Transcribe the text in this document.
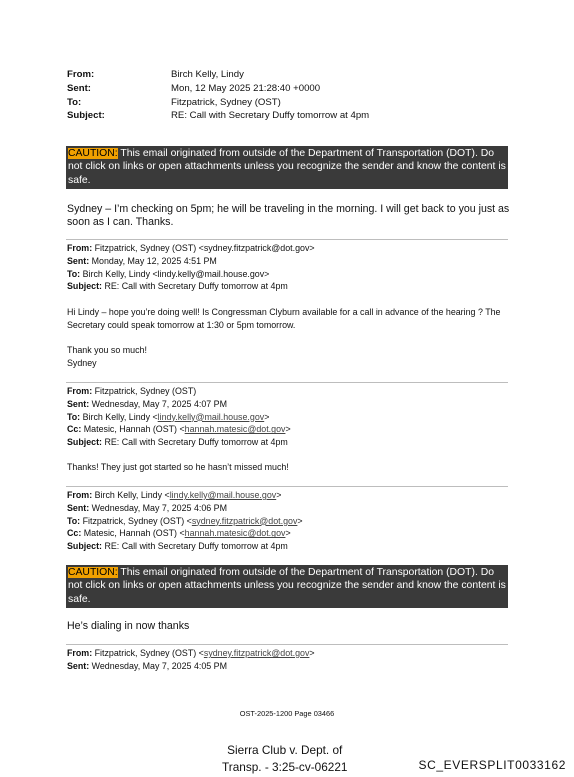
From:	Birch Kelly, Lindy
Sent:	Mon, 12 May 2025 21:28:40 +0000
To:	Fitzpatrick, Sydney (OST)
Subject:	RE: Call with Secretary Duffy tomorrow at 4pm
CAUTION: This email originated from outside of the Department of Transportation (DOT). Do not click on links or open attachments unless you recognize the sender and know the content is safe.
Sydney – I’m checking on 5pm; he will be traveling in the morning. I will get back to you just as soon as I can. Thanks.
From: Fitzpatrick, Sydney (OST) <sydney.fitzpatrick@dot.gov>
Sent: Monday, May 12, 2025 4:51 PM
To: Birch Kelly, Lindy <lindy.kelly@mail.house.gov>
Subject: RE: Call with Secretary Duffy tomorrow at 4pm
Hi Lindy – hope you’re doing well! Is Congressman Clyburn available for a call in advance of the hearing ? The Secretary could speak tomorrow at 1:30 or 5pm tomorrow.
Thank you so much!
Sydney
From: Fitzpatrick, Sydney (OST)
Sent: Wednesday, May 7, 2025 4:07 PM
To: Birch Kelly, Lindy <lindy.kelly@mail.house.gov>
Cc: Matesic, Hannah (OST) <hannah.matesic@dot.gov>
Subject: RE: Call with Secretary Duffy tomorrow at 4pm
Thanks! They just got started so he hasn’t missed much!
From: Birch Kelly, Lindy <lindy.kelly@mail.house.gov>
Sent: Wednesday, May 7, 2025 4:06 PM
To: Fitzpatrick, Sydney (OST) <sydney.fitzpatrick@dot.gov>
Cc: Matesic, Hannah (OST) <hannah.matesic@dot.gov>
Subject: RE: Call with Secretary Duffy tomorrow at 4pm
CAUTION: This email originated from outside of the Department of Transportation (DOT). Do not click on links or open attachments unless you recognize the sender and know the content is safe.
He’s dialing in now thanks
From: Fitzpatrick, Sydney (OST) <sydney.fitzpatrick@dot.gov>
Sent: Wednesday, May 7, 2025 4:05 PM
OST-2025-1200 Page 03466
Sierra Club v. Dept. of
Transp. - 3:25-cv-06221	SC_EVERSPLIT0033162
